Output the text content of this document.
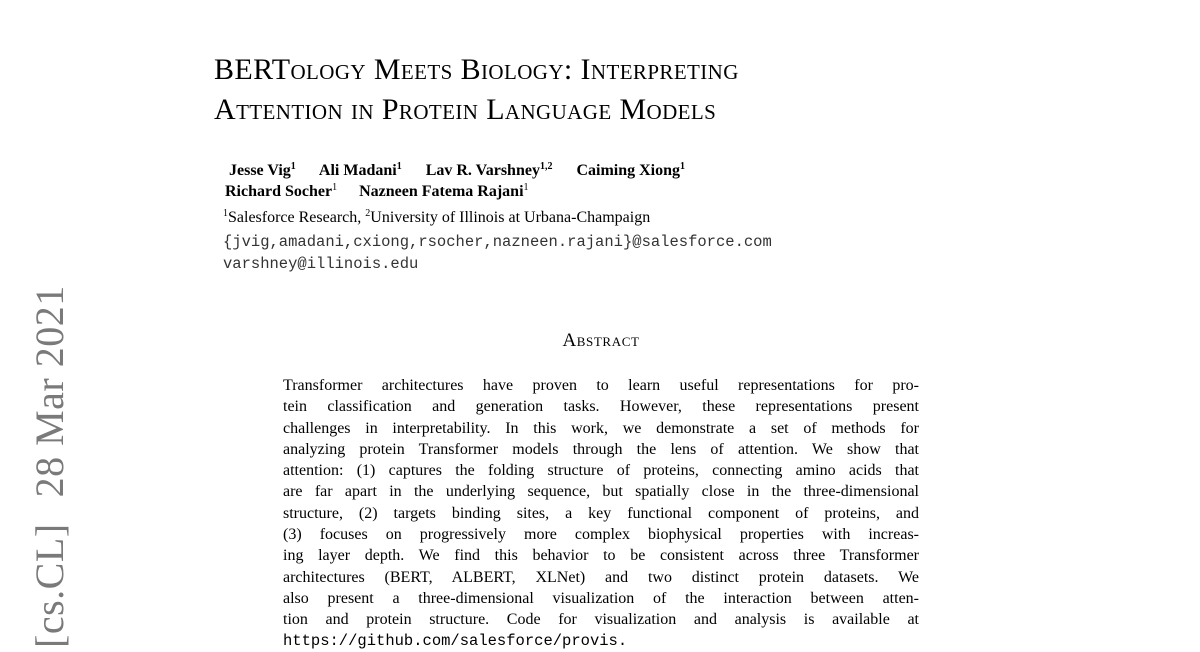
[cs.CL]28 Mar 2021
BERTology Meets Biology: Interpreting
Attention in Protein Language Models
Jesse Vig$^1$ Ali Madani$^1$ Lav R. Varshney$^{1,2}$ Caiming Xiong$^1$
Richard Socher$^1$ Nazneen Fatema Rajani$^1$
$^1$Salesforce Research, $^2$University of Illinois at Urbana-Champaign
{jvig,amadani,cxiong,rsocher,nazneen.rajani}@salesforce.com
varshney@illinois.edu
Abstract
Transformer architectures have proven to learn useful representations for pro-
tein classification and generation tasks. However, these representations present
challenges in interpretability. In this work, we demonstrate a set of methods for
analyzing protein Transformer models through the lens of attention. We show that
attention: (1) captures the folding structure of proteins, connecting amino acids that
are far apart in the underlying sequence, but spatially close in the three-dimensional
structure, (2) targets binding sites, a key functional component of proteins, and
(3) focuses on progressively more complex biophysical properties with increas-
ing layer depth. We find this behavior to be consistent across three Transformer
architectures (BERT, ALBERT, XLNet) and two distinct protein datasets. We
also present a three-dimensional visualization of the interaction between atten-
tion and protein structure. Code for visualization and analysis is available at
https://github.com/salesforce/provis.
